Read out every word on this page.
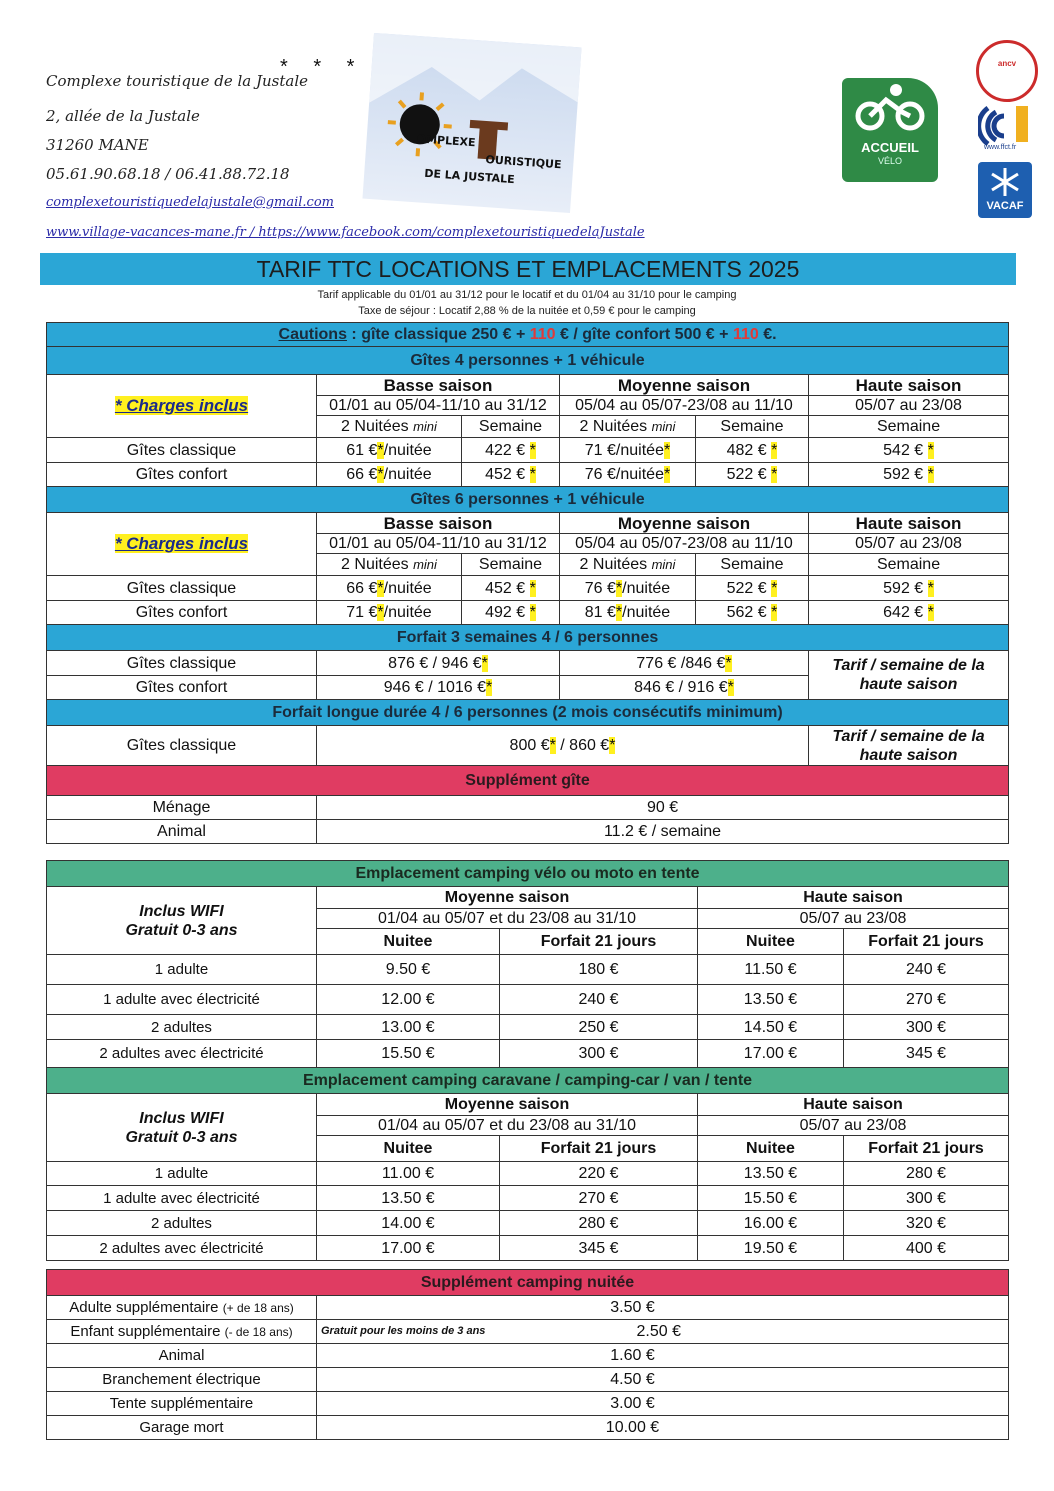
Complexe touristique de la Justale
* * *
2, allée de la Justale
31260 MANE
05.61.90.68.18 / 06.41.88.72.18
complexetouristiquedelajustale@gmail.com
www.village-vacances-mane.fr / https://www.facebook.com/complexetouristiquedelaJustale
OMPLEXE
OURISTIQUE
DE LA JUSTALE
ACCUEIL
VÉLO
ancv
www.ffct.fr
VACAF
TARIF TTC LOCATIONS ET EMPLACEMENTS 2025
Tarif applicable du 01/01 au 31/12 pour le locatif et du 01/04 au 31/10 pour le camping
Taxe de séjour : Locatif 2,88 % de la nuitée et 0,59 € pour le camping
Cautions : gîte classique 250 € + 110 € / gîte confort 500 € + 110 €.					
Gîtes 4 personnes + 1 véhicule					
* Charges inclus	Basse saison		Moyenne saison		Haute saison
	01/01 au 05/04-11/10 au 31/12		05/04 au 05/07-23/08 au 11/10		05/07 au 23/08
	2 Nuitées mini	Semaine	2 Nuitées mini	Semaine	Semaine
Gîtes classique	61 €*/nuitée	422 € *	71 €/nuitée*	482 € *	542 € *
Gîtes confort	66 €*/nuitée	452 € *	76 €/nuitée*	522 € *	592 € *
Gîtes 6 personnes + 1 véhicule					
* Charges inclus	Basse saison		Moyenne saison		Haute saison
	01/01 au 05/04-11/10 au 31/12		05/04 au 05/07-23/08 au 11/10		05/07 au 23/08
	2 Nuitées mini	Semaine	2 Nuitées mini	Semaine	Semaine
Gîtes classique	66 €*/nuitée	452 € *	76 €*/nuitée	522 € *	592 € *
Gîtes confort	71 €*/nuitée	492 € *	81 €*/nuitée	562 € *	642 € *
Forfait 3 semaines 4 / 6 personnes					
Gîtes classique	876 € / 946 €*		776 € /846 €*		Tarif / semaine de la haute saison
Gîtes confort	946 € / 1016 €*		846 € / 916 €*		
Forfait longue durée 4 / 6 personnes (2 mois consécutifs minimum)					
Gîtes classique	800 €* / 860 €*				Tarif / semaine de la haute saison
Supplément gîte					
Ménage	90 €				
Animal	11.2 € / semaine				
Emplacement camping vélo ou moto en tente				

Inclus WIFI
Gratuit 0-3 ans	Moyenne saison		Haute saison	
	01/04 au 05/07 et du 23/08 au 31/10		05/07 au 23/08	
	Nuitee	Forfait 21 jours	Nuitee	Forfait 21 jours
1 adulte	9.50 €	180 €	11.50 €	240 €
1 adulte avec électricité	12.00 €	240 €	13.50 €	270 €
2 adultes	13.00 €	250 €	14.50 €	300 €
2 adultes avec électricité	15.50 €	300 €	17.00 €	345 €
Emplacement camping caravane / camping-car / van / tente				

Inclus WIFI
Gratuit 0-3 ans	Moyenne saison		Haute saison	
	01/04 au 05/07 et du 23/08 au 31/10		05/07 au 23/08	
	Nuitee	Forfait 21 jours	Nuitee	Forfait 21 jours
1 adulte	11.00 €	220 €	13.50 €	280 €
1 adulte avec électricité	13.50 €	270 €	15.50 €	300 €
2 adultes	14.00 €	280 €	16.00 €	320 €
2 adultes avec électricité	17.00 €	345 €	19.50 €	400 €
Supplément camping nuitée		
Adulte supplémentaire (+ de 18 ans)	3.50 €	
Enfant supplémentaire (- de 18 ans)	Gratuit pour les moins de 3 ans	2.50 €
Animal	1.60 €	
Branchement électrique	4.50 €	
Tente supplémentaire	3.00 €	
Garage mort	10.00 €	
